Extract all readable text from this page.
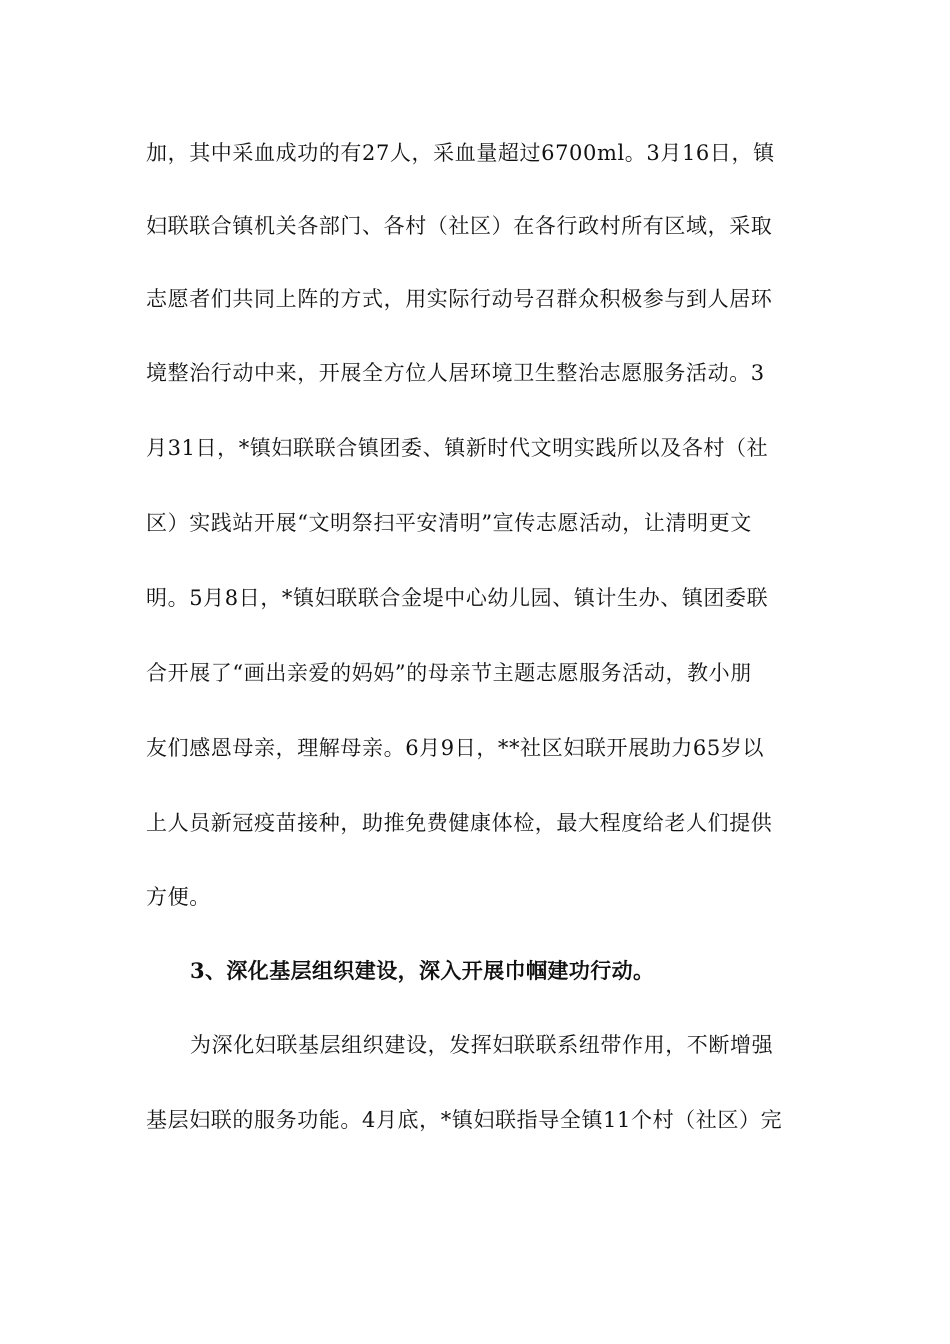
加，其中采血成功的有27人，采血量超过6700ml。3月16日，镇
妇联联合镇机关各部门、各村（社区）在各行政村所有区域，采取
志愿者们共同上阵的方式，用实际行动号召群众积极参与到人居环
境整治行动中来，开展全方位人居环境卫生整治志愿服务活动。3
月31日，*镇妇联联合镇团委、镇新时代文明实践所以及各村（社
区）实践站开展“文明祭扫平安清明”宣传志愿活动，让清明更文
明。5月8日，*镇妇联联合金堤中心幼儿园、镇计生办、镇团委联
合开展了“画出亲爱的妈妈”的母亲节主题志愿服务活动，教小朋
友们感恩母亲，理解母亲。6月9日，**社区妇联开展助力65岁以
上人员新冠疫苗接种，助推免费健康体检，最大程度给老人们提供
方便。
3、深化基层组织建设，深入开展巾帼建功行动。
为深化妇联基层组织建设，发挥妇联联系纽带作用，不断增强
基层妇联的服务功能。4月底，*镇妇联指导全镇11个村（社区）完
